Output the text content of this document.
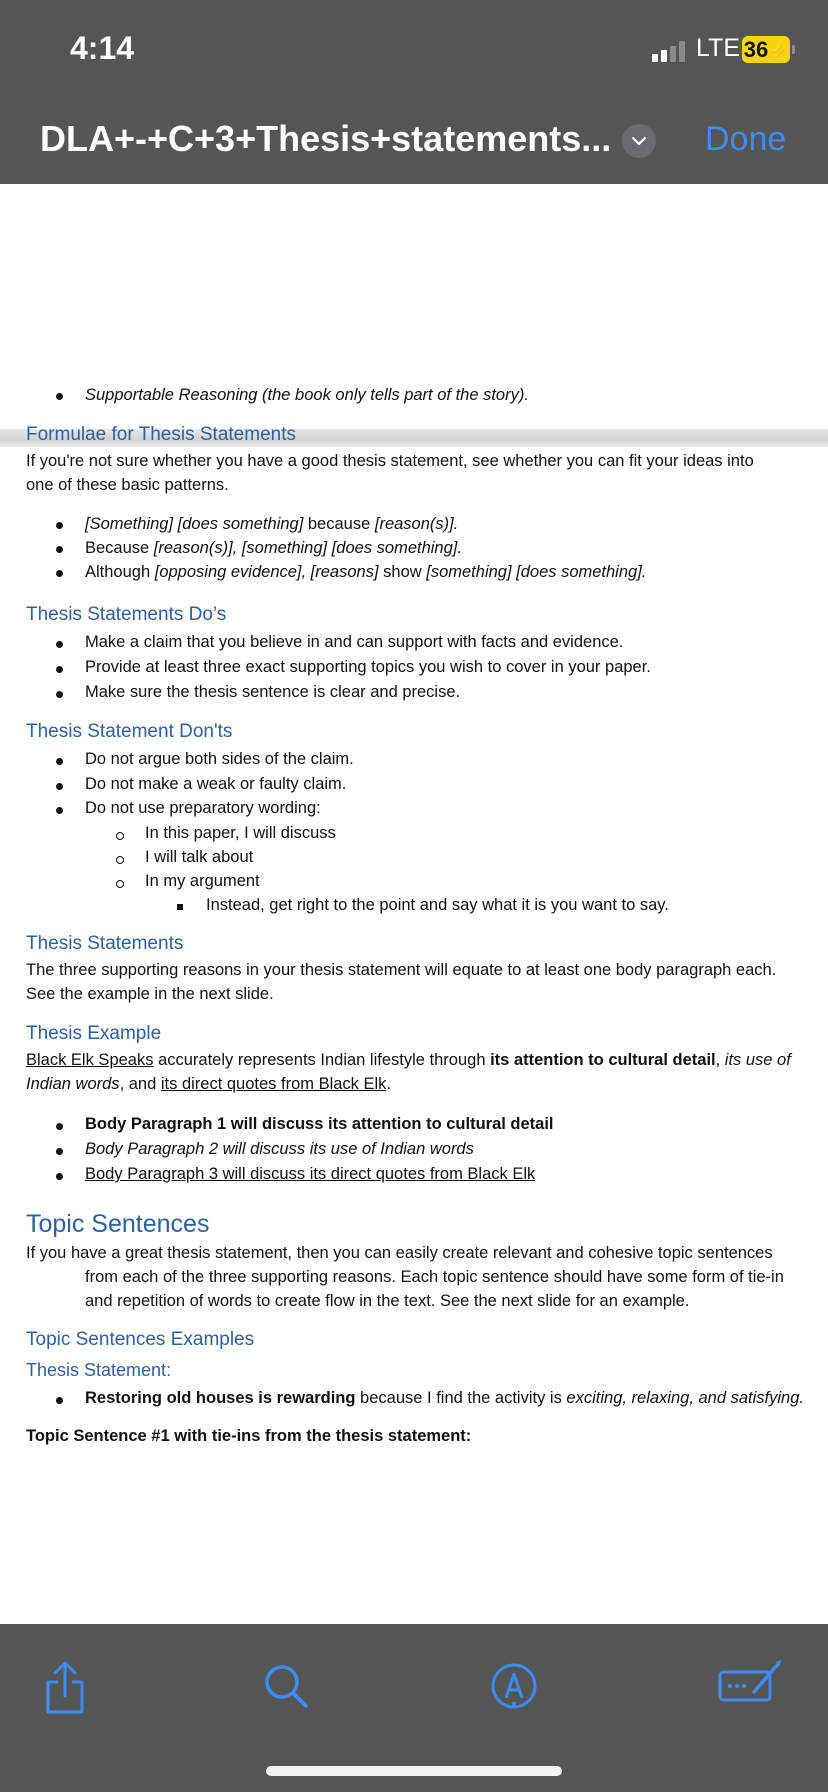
4:14	LTE 36⚡
DLA+-+C+3+Thesis+statements...	Done
Supportable Reasoning (the book only tells part of the story).
Formulae for Thesis Statements
If you're not sure whether you have a good thesis statement, see whether you can fit your ideas into
one of these basic patterns.
[Something] [does something] because [reason(s)].
Because [reason(s)], [something] [does something].
Although [opposing evidence], [reasons] show [something] [does something].
Thesis Statements Do’s
Make a claim that you believe in and can support with facts and evidence.
Provide at least three exact supporting topics you wish to cover in your paper.
Make sure the thesis sentence is clear and precise.
Thesis Statement Don'ts
Do not argue both sides of the claim.
Do not make a weak or faulty claim.
Do not use preparatory wording:
In this paper, I will discuss
I will talk about
In my argument
Instead, get right to the point and say what it is you want to say.
Thesis Statements
The three supporting reasons in your thesis statement will equate to at least one body paragraph each.
See the example in the next slide.
Thesis Example
Black Elk Speaks accurately represents Indian lifestyle through its attention to cultural detail, its use of
Indian words, and its direct quotes from Black Elk.
Body Paragraph 1 will discuss its attention to cultural detail
Body Paragraph 2 will discuss its use of Indian words
Body Paragraph 3 will discuss its direct quotes from Black Elk
Topic Sentences
If you have a great thesis statement, then you can easily create relevant and cohesive topic sentences
from each of the three supporting reasons. Each topic sentence should have some form of tie-in
and repetition of words to create flow in the text. See the next slide for an example.
Topic Sentences Examples
Thesis Statement:
Restoring old houses is rewarding because I find the activity is exciting, relaxing, and satisfying.
Topic Sentence #1 with tie-ins from the thesis statement:
